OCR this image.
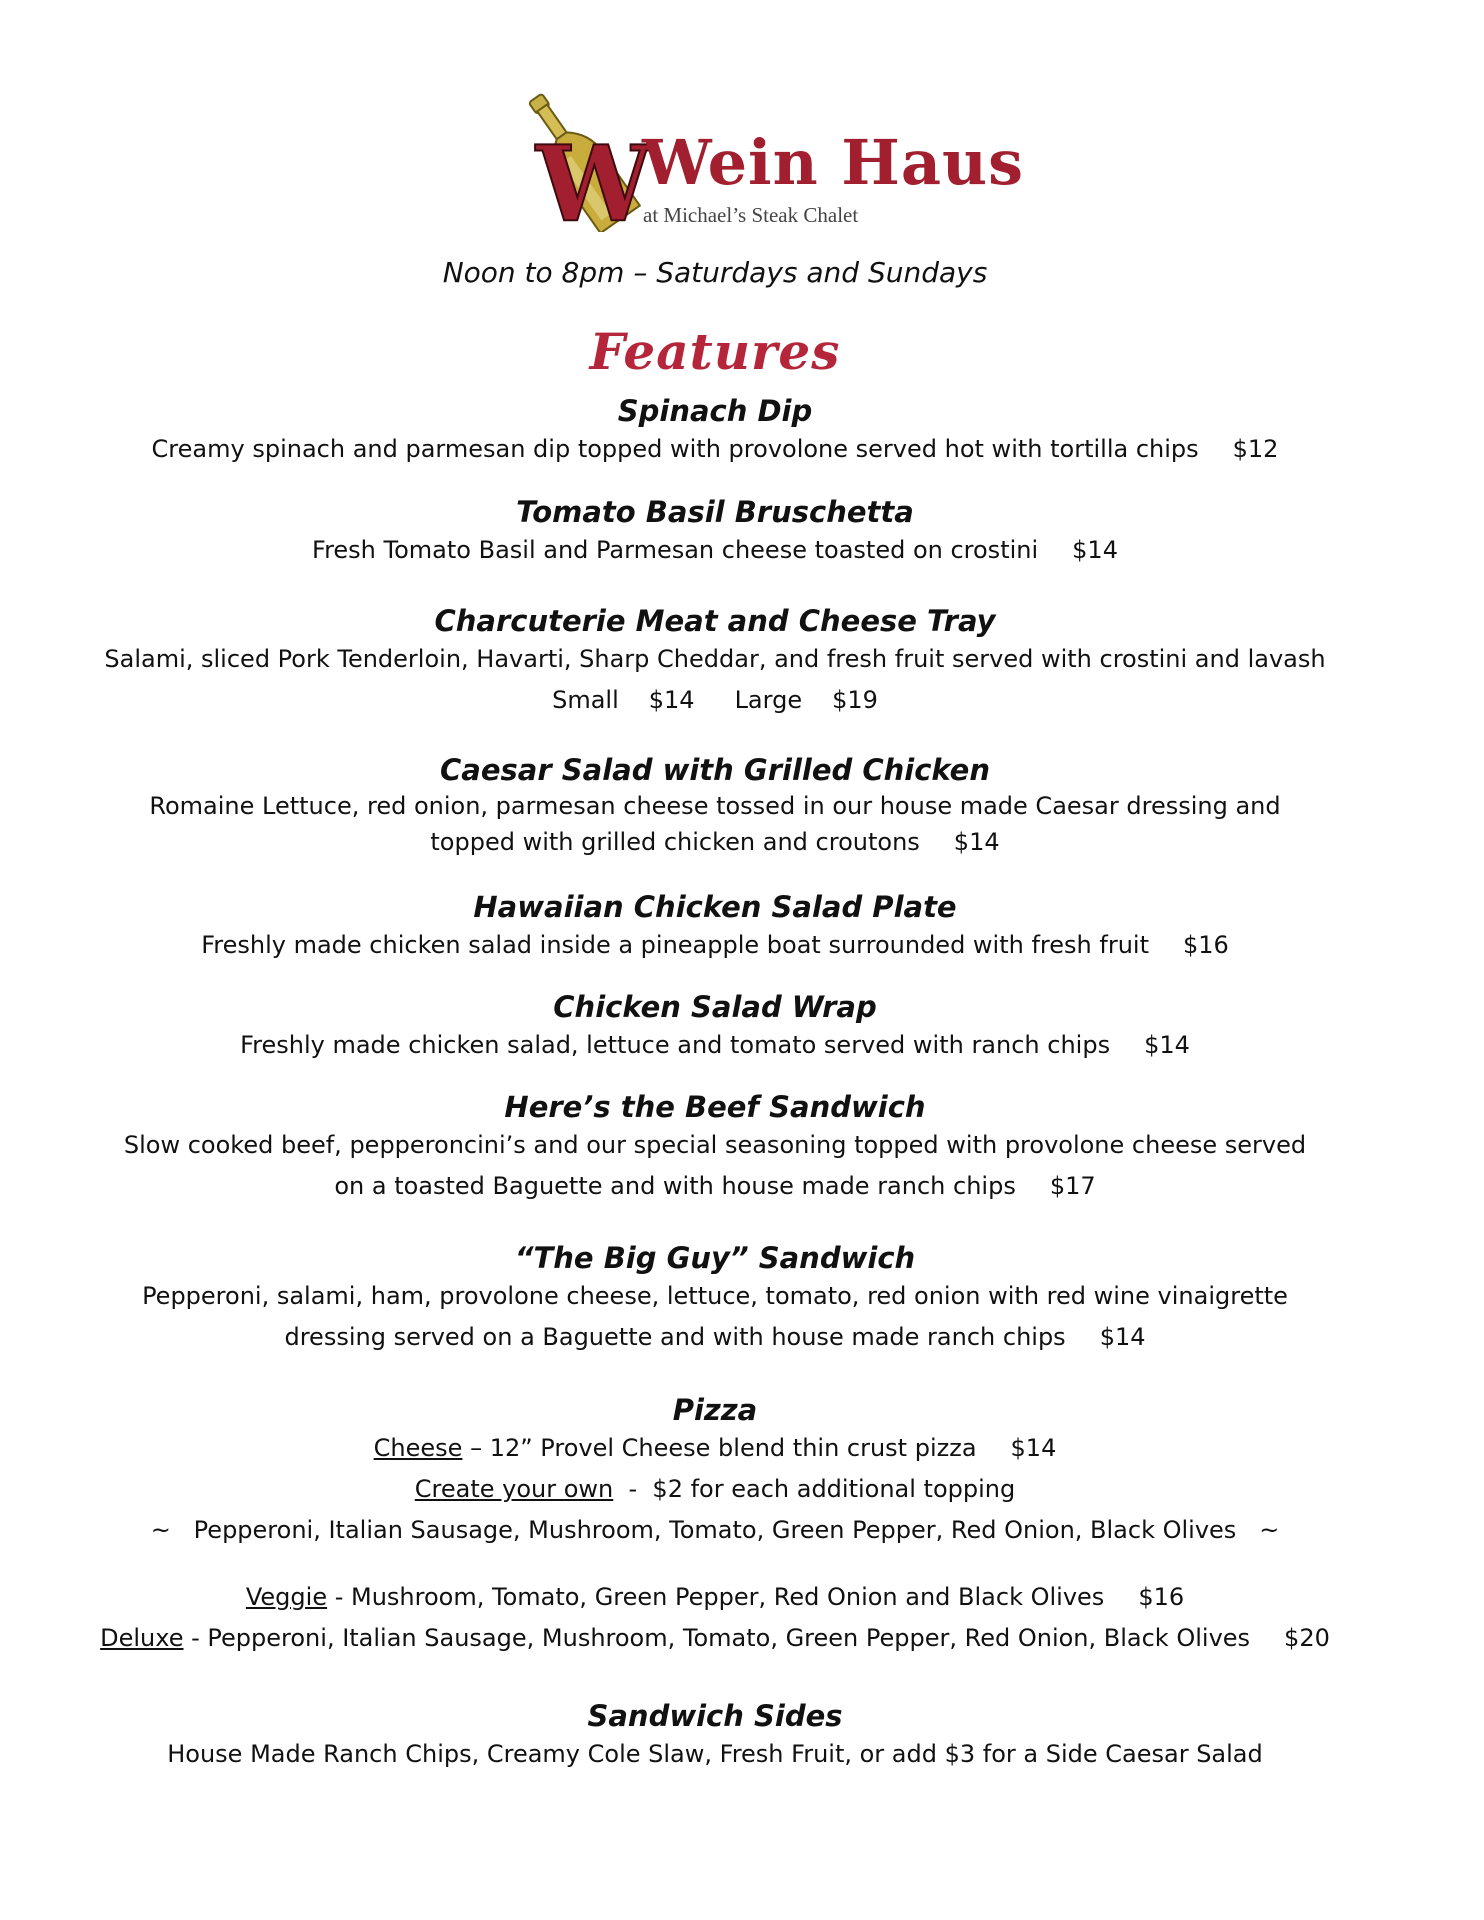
W
Wein Haus
at Michael’s Steak Chalet
Noon to 8pm – Saturdays and Sundays
Features
Spinach Dip
Creamy spinach and parmesan dip topped with provolone served hot with tortilla chips $12
Tomato Basil Bruschetta
Fresh Tomato Basil and Parmesan cheese toasted on crostini $14
Charcuterie Meat and Cheese Tray
Salami, sliced Pork Tenderloin, Havarti, Sharp Cheddar, and fresh fruit served with crostini and lavash
Small $14 Large $19
Caesar Salad with Grilled Chicken
Romaine Lettuce, red onion, parmesan cheese tossed in our house made Caesar dressing and
topped with grilled chicken and croutons $14
Hawaiian Chicken Salad Plate
Freshly made chicken salad inside a pineapple boat surrounded with fresh fruit $16
Chicken Salad Wrap
Freshly made chicken salad, lettuce and tomato served with ranch chips $14
Here’s the Beef Sandwich
Slow cooked beef, pepperoncini’s and our special seasoning topped with provolone cheese served
on a toasted Baguette and with house made ranch chips $17
“The Big Guy” Sandwich
Pepperoni, salami, ham, provolone cheese, lettuce, tomato, red onion with red wine vinaigrette
dressing served on a Baguette and with house made ranch chips $14
Pizza
Cheese – 12” Provel Cheese blend thin crust pizza $14
Create your own  -  $2 for each additional topping
~   Pepperoni, Italian Sausage, Mushroom, Tomato, Green Pepper, Red Onion, Black Olives   ~
Veggie - Mushroom, Tomato, Green Pepper, Red Onion and Black Olives $16
Deluxe - Pepperoni, Italian Sausage, Mushroom, Tomato, Green Pepper, Red Onion, Black Olives $20
Sandwich Sides
House Made Ranch Chips, Creamy Cole Slaw, Fresh Fruit, or add $3 for a Side Caesar Salad
